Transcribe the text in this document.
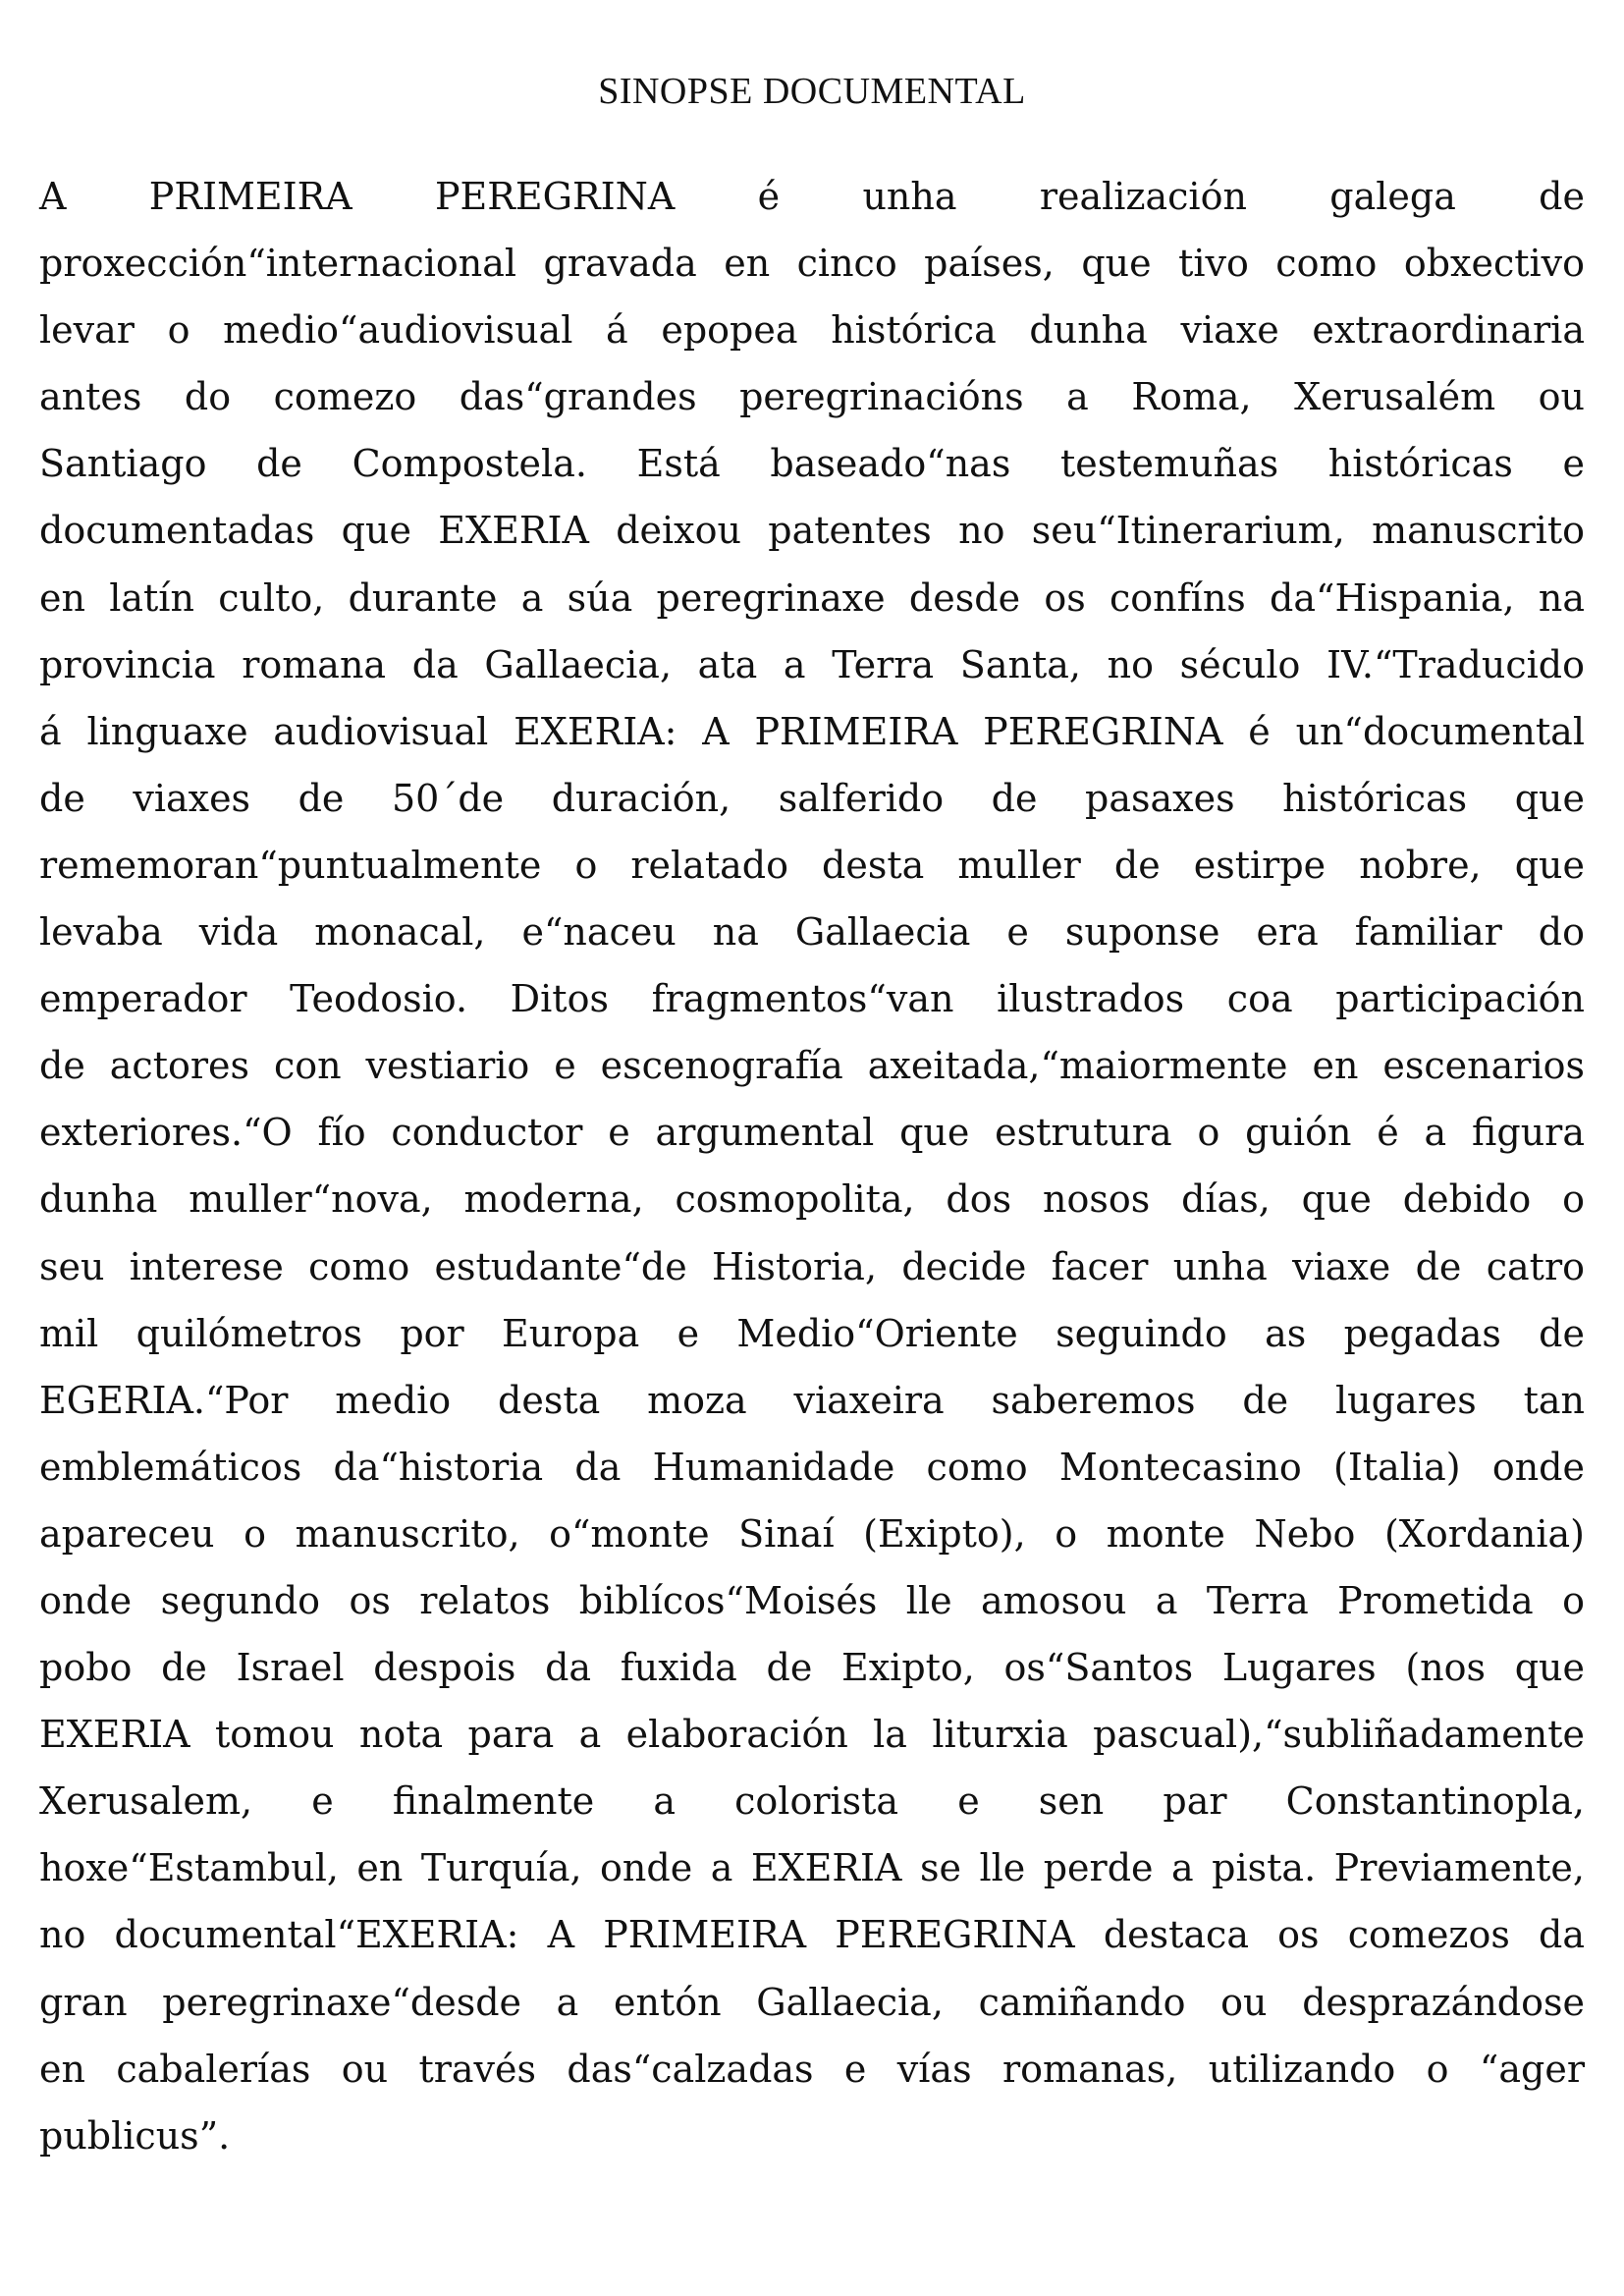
SINOPSE DOCUMENTAL
A PRIMEIRA PEREGRINA é unha realización galega de
proxección“internacional gravada en cinco países, que tivo como obxectivo
levar o medio“audiovisual á epopea histórica dunha viaxe extraordinaria
antes do comezo das“grandes peregrinacións a Roma, Xerusalém ou
Santiago de Compostela. Está baseado“nas testemuñas históricas e
documentadas que EXERIA deixou patentes no seu“Itinerarium, manuscrito
en latín culto, durante a súa peregrinaxe desde os confíns da“Hispania, na
provincia romana da Gallaecia, ata a Terra Santa, no século IV.“Traducido
á linguaxe audiovisual EXERIA: A PRIMEIRA PEREGRINA é un“documental
de viaxes de 50´de duración, salferido de pasaxes históricas que
rememoran“puntualmente o relatado desta muller de estirpe nobre, que
levaba vida monacal, e“naceu na Gallaecia e suponse era familiar do
emperador Teodosio. Ditos fragmentos“van ilustrados coa participación
de actores con vestiario e escenografía axeitada,“maiormente en escenarios
exteriores.“O fío conductor e argumental que estrutura o guión é a figura
dunha muller“nova, moderna, cosmopolita, dos nosos días, que debido o
seu interese como estudante“de Historia, decide facer unha viaxe de catro
mil quilómetros por Europa e Medio“Oriente seguindo as pegadas de
EGERIA.“Por medio desta moza viaxeira saberemos de lugares tan
emblemáticos da“historia da Humanidade como Montecasino (Italia) onde
apareceu o manuscrito, o“monte Sinaí (Exipto), o monte Nebo (Xordania)
onde segundo os relatos biblícos“Moisés lle amosou a Terra Prometida o
pobo de Israel despois da fuxida de Exipto, os“Santos Lugares (nos que
EXERIA tomou nota para a elaboración la liturxia pascual),“subliñadamente
Xerusalem, e finalmente a colorista e sen par Constantinopla,
hoxe“Estambul, en Turquía, onde a EXERIA se lle perde a pista. Previamente,
no documental“EXERIA: A PRIMEIRA PEREGRINA destaca os comezos da
gran peregrinaxe“desde a entón Gallaecia, camiñando ou desprazándose
en cabalerías ou través das“calzadas e vías romanas, utilizando o “ager
publicus”.
